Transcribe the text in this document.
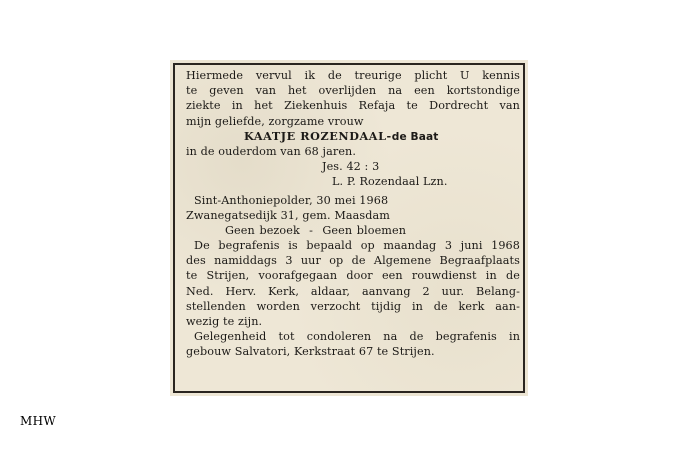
Hiermede vervul ik de treurige plicht U kennis
te geven van het overlijden na een kortstondige
ziekte in het Ziekenhuis Refaja te Dordrecht van
mijn geliefde, zorgzame vrouw
KAATJE ROZENDAAL-de Baat
in de ouderdom van 68 jaren.
Jes. 42 : 3
L. P. Rozendaal Lzn.
Sint-Anthoniepolder, 30 mei 1968
Zwanegatsedijk 31, gem. Maasdam
Geen bezoek  -  Geen bloemen
De begrafenis is bepaald op maandag 3 juni 1968
des namiddags 3 uur op de Algemene Begraafplaats
te Strijen, voorafgegaan door een rouwdienst in de
Ned. Herv. Kerk, aldaar, aanvang 2 uur. Belang-
stellenden worden verzocht tijdig in de kerk aan-
wezig te zijn.
Gelegenheid tot condoleren na de begrafenis in
gebouw Salvatori, Kerkstraat 67 te Strijen.
MHW
